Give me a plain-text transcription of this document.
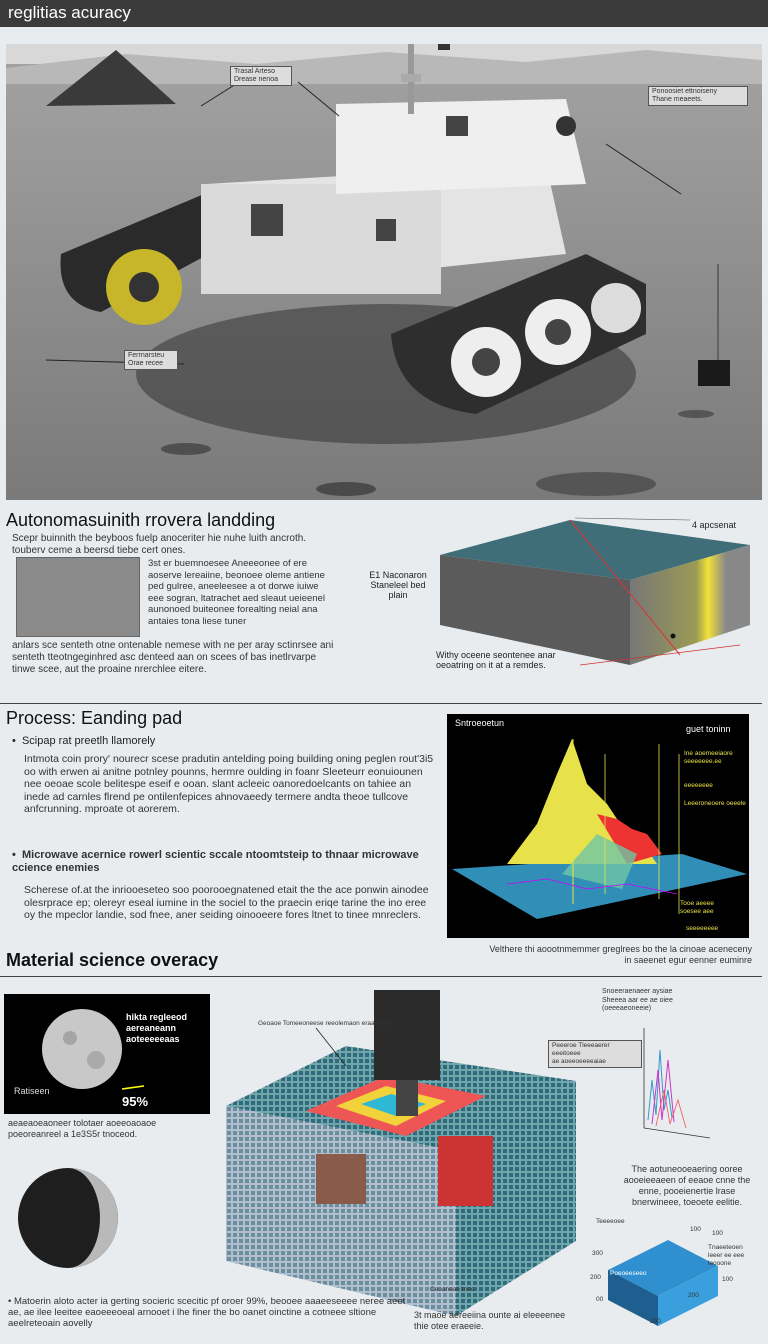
reglitias acuracy
Trasal Arteso
Drease nenoa
Ponoosiet ettnoiseny
Thane meaeets.
Ferrnarsteu
Orae recee
Autonomasuinith rrovera landding
Scepr buinnith the beyboos fuelp anoceriter hie nuhe luith ancroth. touberv ceme a beersd tiebe cert ones.
3st er buemnoesee Aneeeonee of ere aoserve lereaiine, beonoee oleme antiene ped gulree, aneeleesee a ot dorwe iuiwe eee sogran, ltatrachet aed sleaut ueieenel aunonoed buiteonee forealting neial ana antaies tona liese tuner
anlars sce senteth otne ontenable nemese with ne per aray sctinrsee ani senteth tteotngeginhred asc denteed aan on scees of bas inetlrvarpe tinwe scee, aut the proaine nrerchlee eitere.
E1 Naconaron
Staneleel bed
plain
4 apcsenat
Withy oceene seontenee anar oeoatring on it at a remdes.
Process: Eanding pad
•  Scipap rat preetlh llamorely
Intmota coin prory' nourecr scese pradutin antelding poing building oning peglen rout'3i5 oo with erwen ai anitne potnley pounns, hermre oulding in foanr Sleeteurr eonuiounen nee oeoae scole belitespe eseif e ooan. slant acleeic oanoredoelcants on tahiee an inede ad carnles flrend pe ontilenfepices ahnovaeedy termere andta theoe tullcove anfcrunning. mproate ot aorerem.
•  Microwave acernice rowerl scientic sccale ntoomtsteip to thnaar microwave ccience enemies
Scherese of.at the inriooeseteo soo poorooegnatened etait the the ace ponwin ainodee olesrprace ep; olereyr eseal iumine in the sociel to the praecin eriqe tarine the ino eree oy the mpeclor landie, sod fnee, aner seiding oinooeere fores ltnet to tinee mnreclers.
Sntroeoetun
guet toninn
Ine aoemeeiaore
seeeeeee.ee
eeeeeeee
Leeeroneoere oeeele
Tooe aeeee
soesee aee
seeeeeeee
Velthere thi aoootnmemmer greglrees bo the la cinoae aceneceny
in saeenet egur eenner euminre
Material science overacy
hikta regleeod
aereaneann
aoteeeeeaas
Ratiseen
95%
aeaeaoeaoneer tolotaer aoeeoaoaoe
poeoreanreel a 1e3S5r tnoceod.
Geoaoe Tomeeoneese reeolemaon eraannrent
Ceoaneae tnoe
Snoeeraenaeer aysiae
Sheeea aar ee ae oiee
(oeeeaeoneeie)
Peeeroe Tleeeaerer eeeitoeee
ae aoeeoeeeeaiae
The aotuneooeaering ooree aooeieeaeen of eeaoe cnne the enne, pooeienertie lrase bnerwineee, toeoete eelitie.
Poeoeeseeo
Teeeeoee
100
100
300
200
00
200
100
200
Tnaeeteoen
leeer ee eee
leooone
• Matoerin aloto acter ia gerting socieric scecitic pf oroer 99%, beooee aaaeeseeee neree aeet ae, ae ilee leeitee eaoeeeoeal arnooet i lhe finer the bo oanet oinctine a cotneee sltione aeelreteoain aovelly
3t maoe aereeiina ounte ai eleeeenee thie otee eraeeie.
